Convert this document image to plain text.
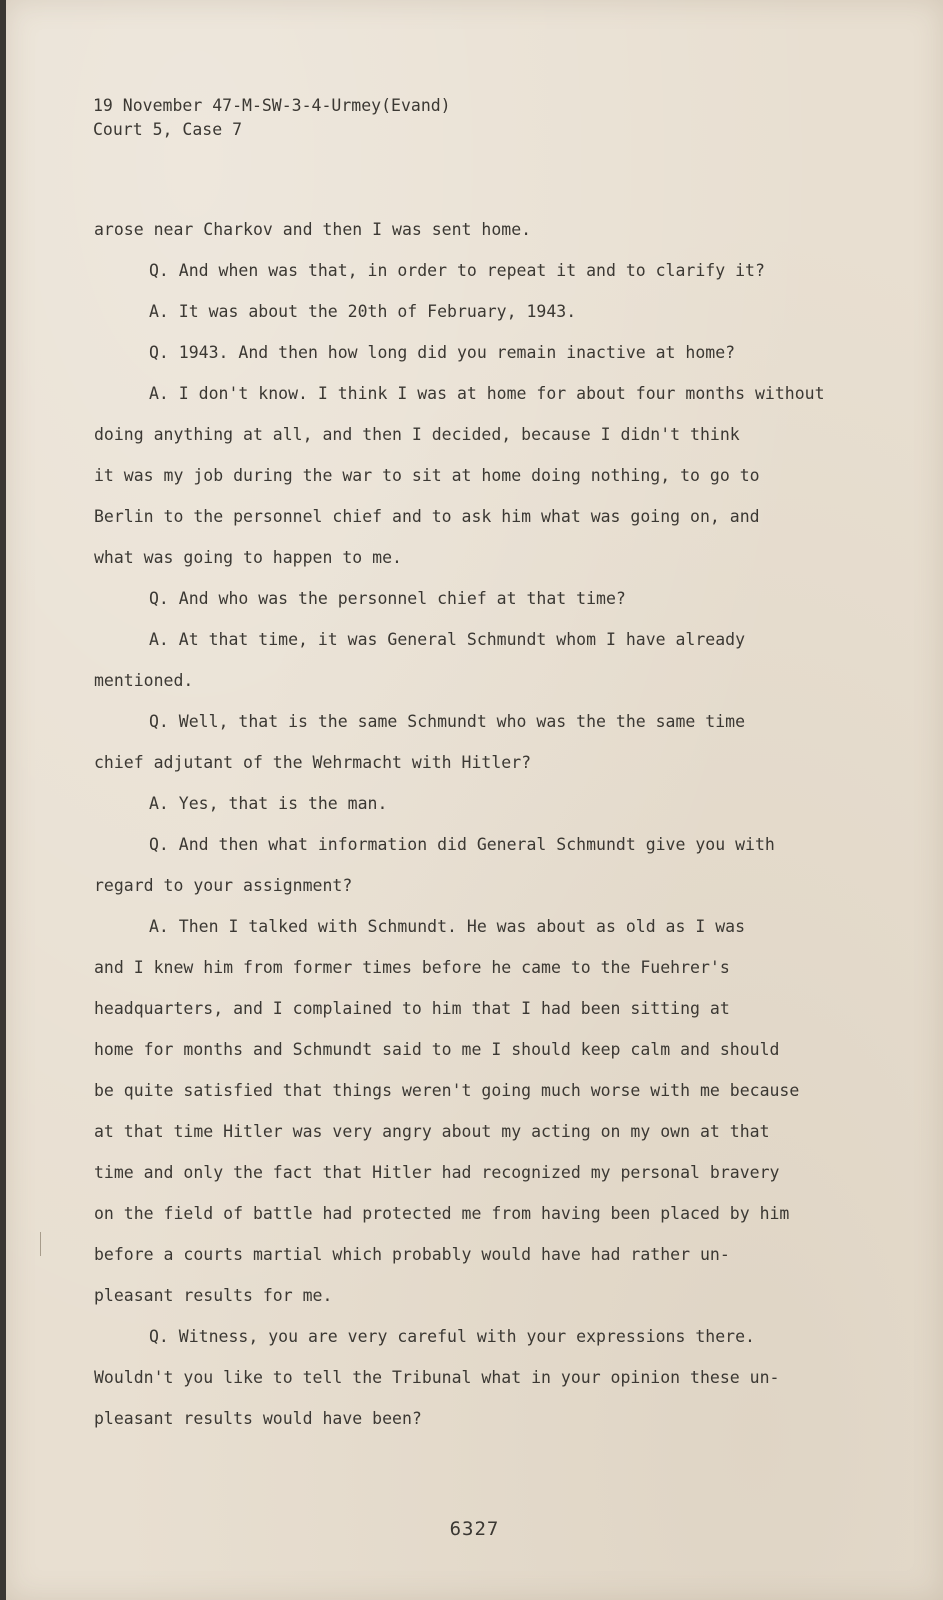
19 November 47-M-SW-3-4-Urmey(Evand)
Court 5, Case 7
arose near Charkov and then I was sent home.
Q. And when was that, in order to repeat it and to clarify it?
A. It was about the 20th of February, 1943.
Q. 1943. And then how long did you remain inactive at home?
A. I don't know. I think I was at home for about four months without
doing anything at all, and then I decided, because I didn't think
it was my job during the war to sit at home doing nothing, to go to
Berlin to the personnel chief and to ask him what was going on, and
what was going to happen to me.
Q. And who was the personnel chief at that time?
A. At that time, it was General Schmundt whom I have already
mentioned.
Q. Well, that is the same Schmundt who was the the same time
chief adjutant of the Wehrmacht with Hitler?
A. Yes, that is the man.
Q. And then what information did General Schmundt give you with
regard to your assignment?
A. Then I talked with Schmundt. He was about as old as I was
and I knew him from former times before he came to the Fuehrer's
headquarters, and I complained to him that I had been sitting at
home for months and Schmundt said to me I should keep calm and should
be quite satisfied that things weren't going much worse with me because
at that time Hitler was very angry about my acting on my own at that
time and only the fact that Hitler had recognized my personal bravery
on the field of battle had protected me from having been placed by him
before a courts martial which probably would have had rather un-
pleasant results for me.
Q. Witness, you are very careful with your expressions there.
Wouldn't you like to tell the Tribunal what in your opinion these un-
pleasant results would have been?
6327
